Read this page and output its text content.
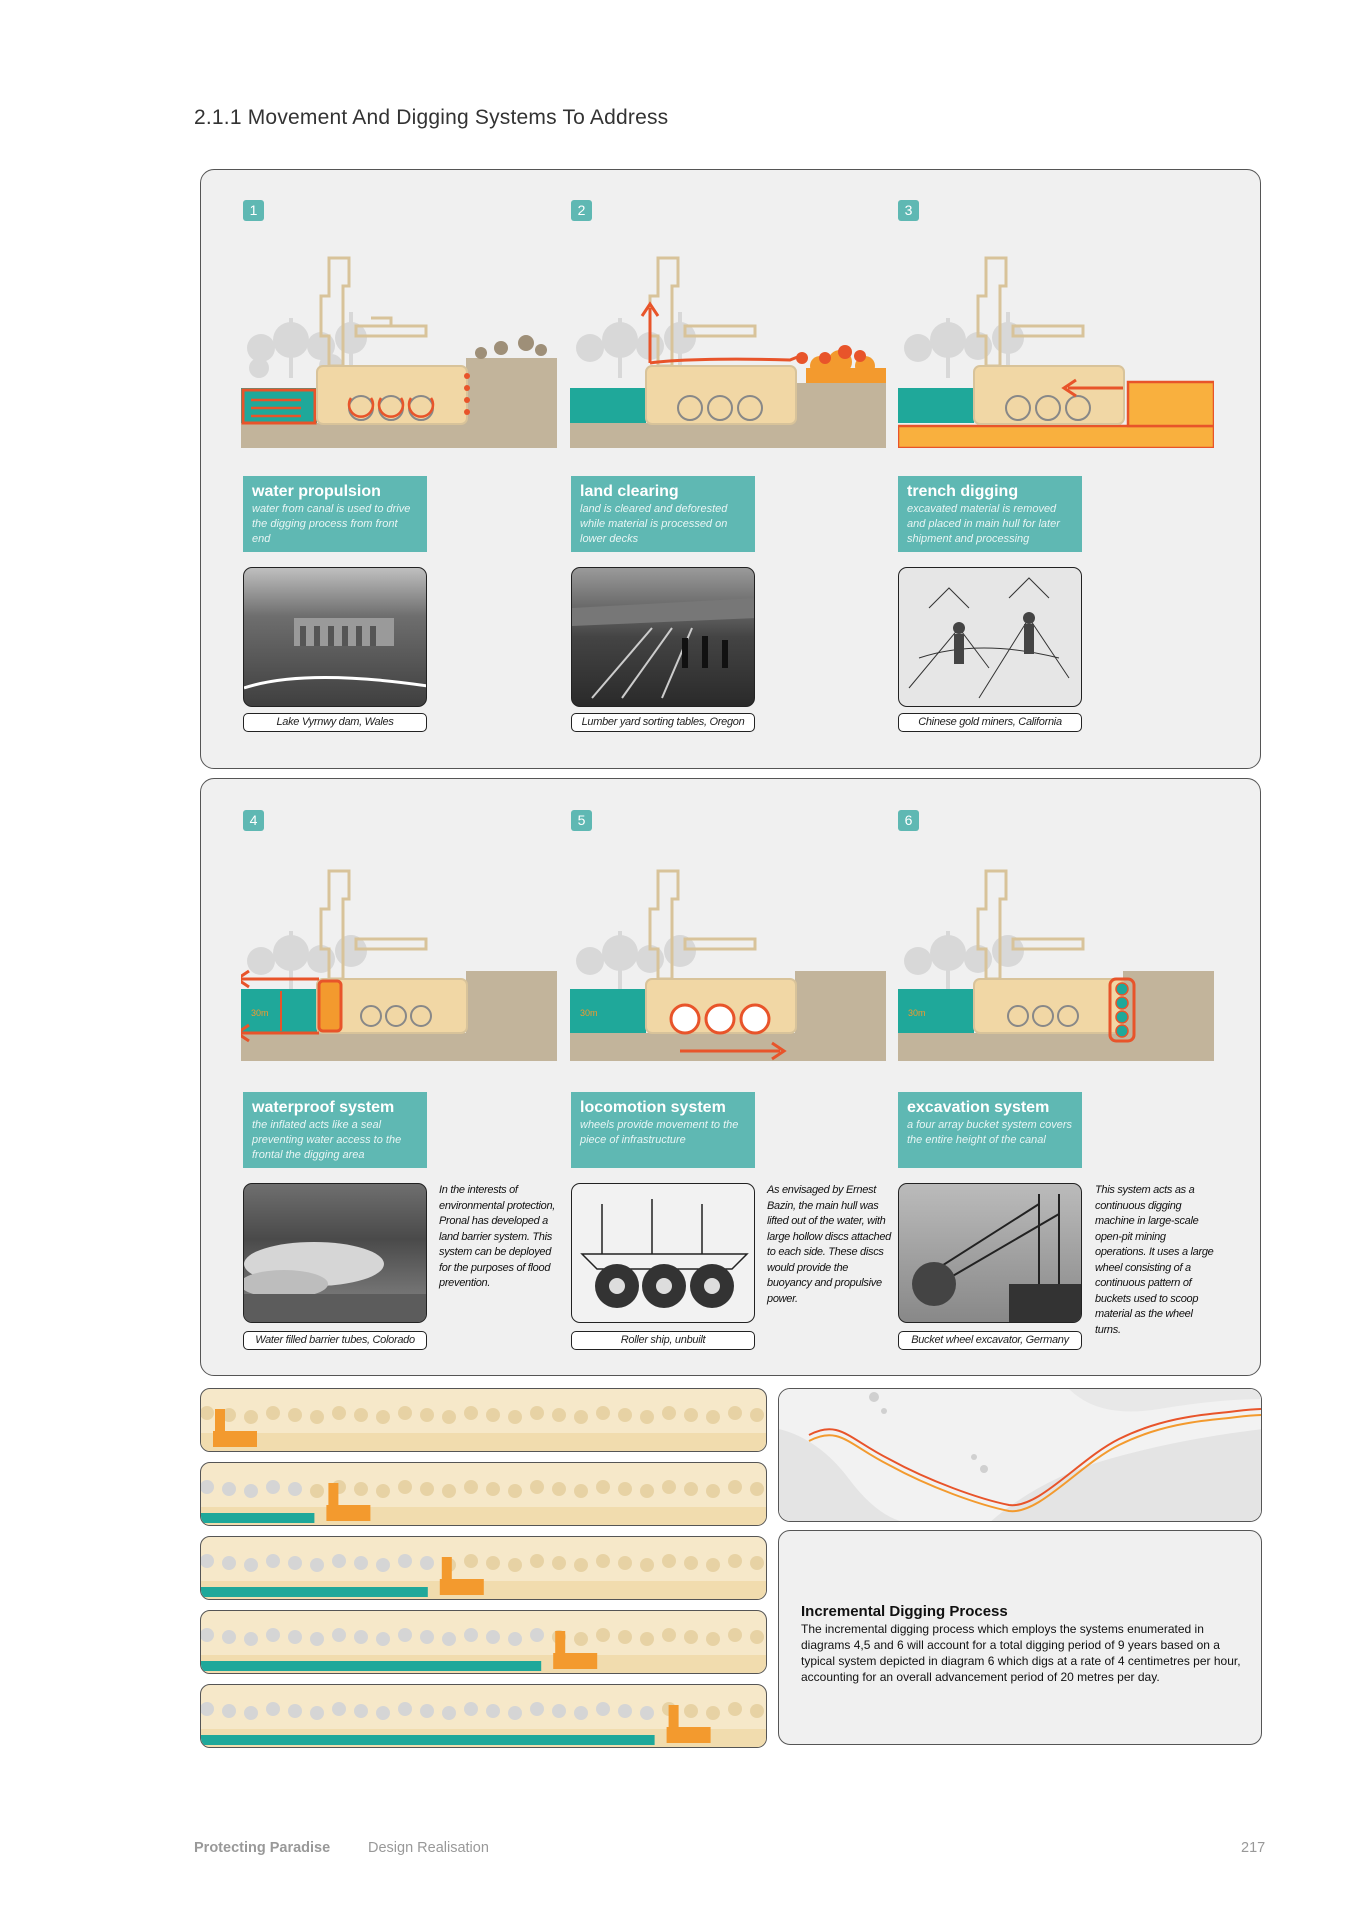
2.1.1 Movement And Digging Systems To Address
1	2	3
water propulsion
water from canal is used to drive the digging process from front end
land clearing
land is cleared and deforested while material is processed on lower decks
trench digging
excavated material is removed and placed in main hull for later shipment and processing
Lake Vyrnwy dam, Wales	Lumber yard sorting tables, Oregon	Chinese gold miners, California
4	5	6
30m	30m	30m
waterproof system
the inflated acts like a seal preventing water access to the frontal the digging area
locomotion system
wheels provide movement to the piece of infrastructure
excavation system
a four array bucket system covers the entire height of the canal
In the interests of environmental protection, Pronal has developed a land barrier system. This system can be deployed for the purposes of flood prevention.
As envisaged by Ernest Bazin, the main hull was lifted out of the water, with large hollow discs attached to each side. These discs would provide the buoyancy and propulsive power.
This system acts as a continuous digging machine in large-scale open-pit mining operations. It uses a large wheel consisting of a continuous pattern of buckets used to scoop material as the wheel turns.
Water filled barrier tubes, Colorado	Roller ship, unbuilt	Bucket wheel excavator, Germany
Incremental Digging Process
The incremental digging process which employs the systems enumerated in diagrams 4,5 and 6 will account for a total digging period of 9 years based on a typical system depicted in diagram 6 which digs at a rate of 4 centimetres per hour, accounting for an overall advancement period of 20 metres per day.
Protecting Paradise	Design Realisation	217
